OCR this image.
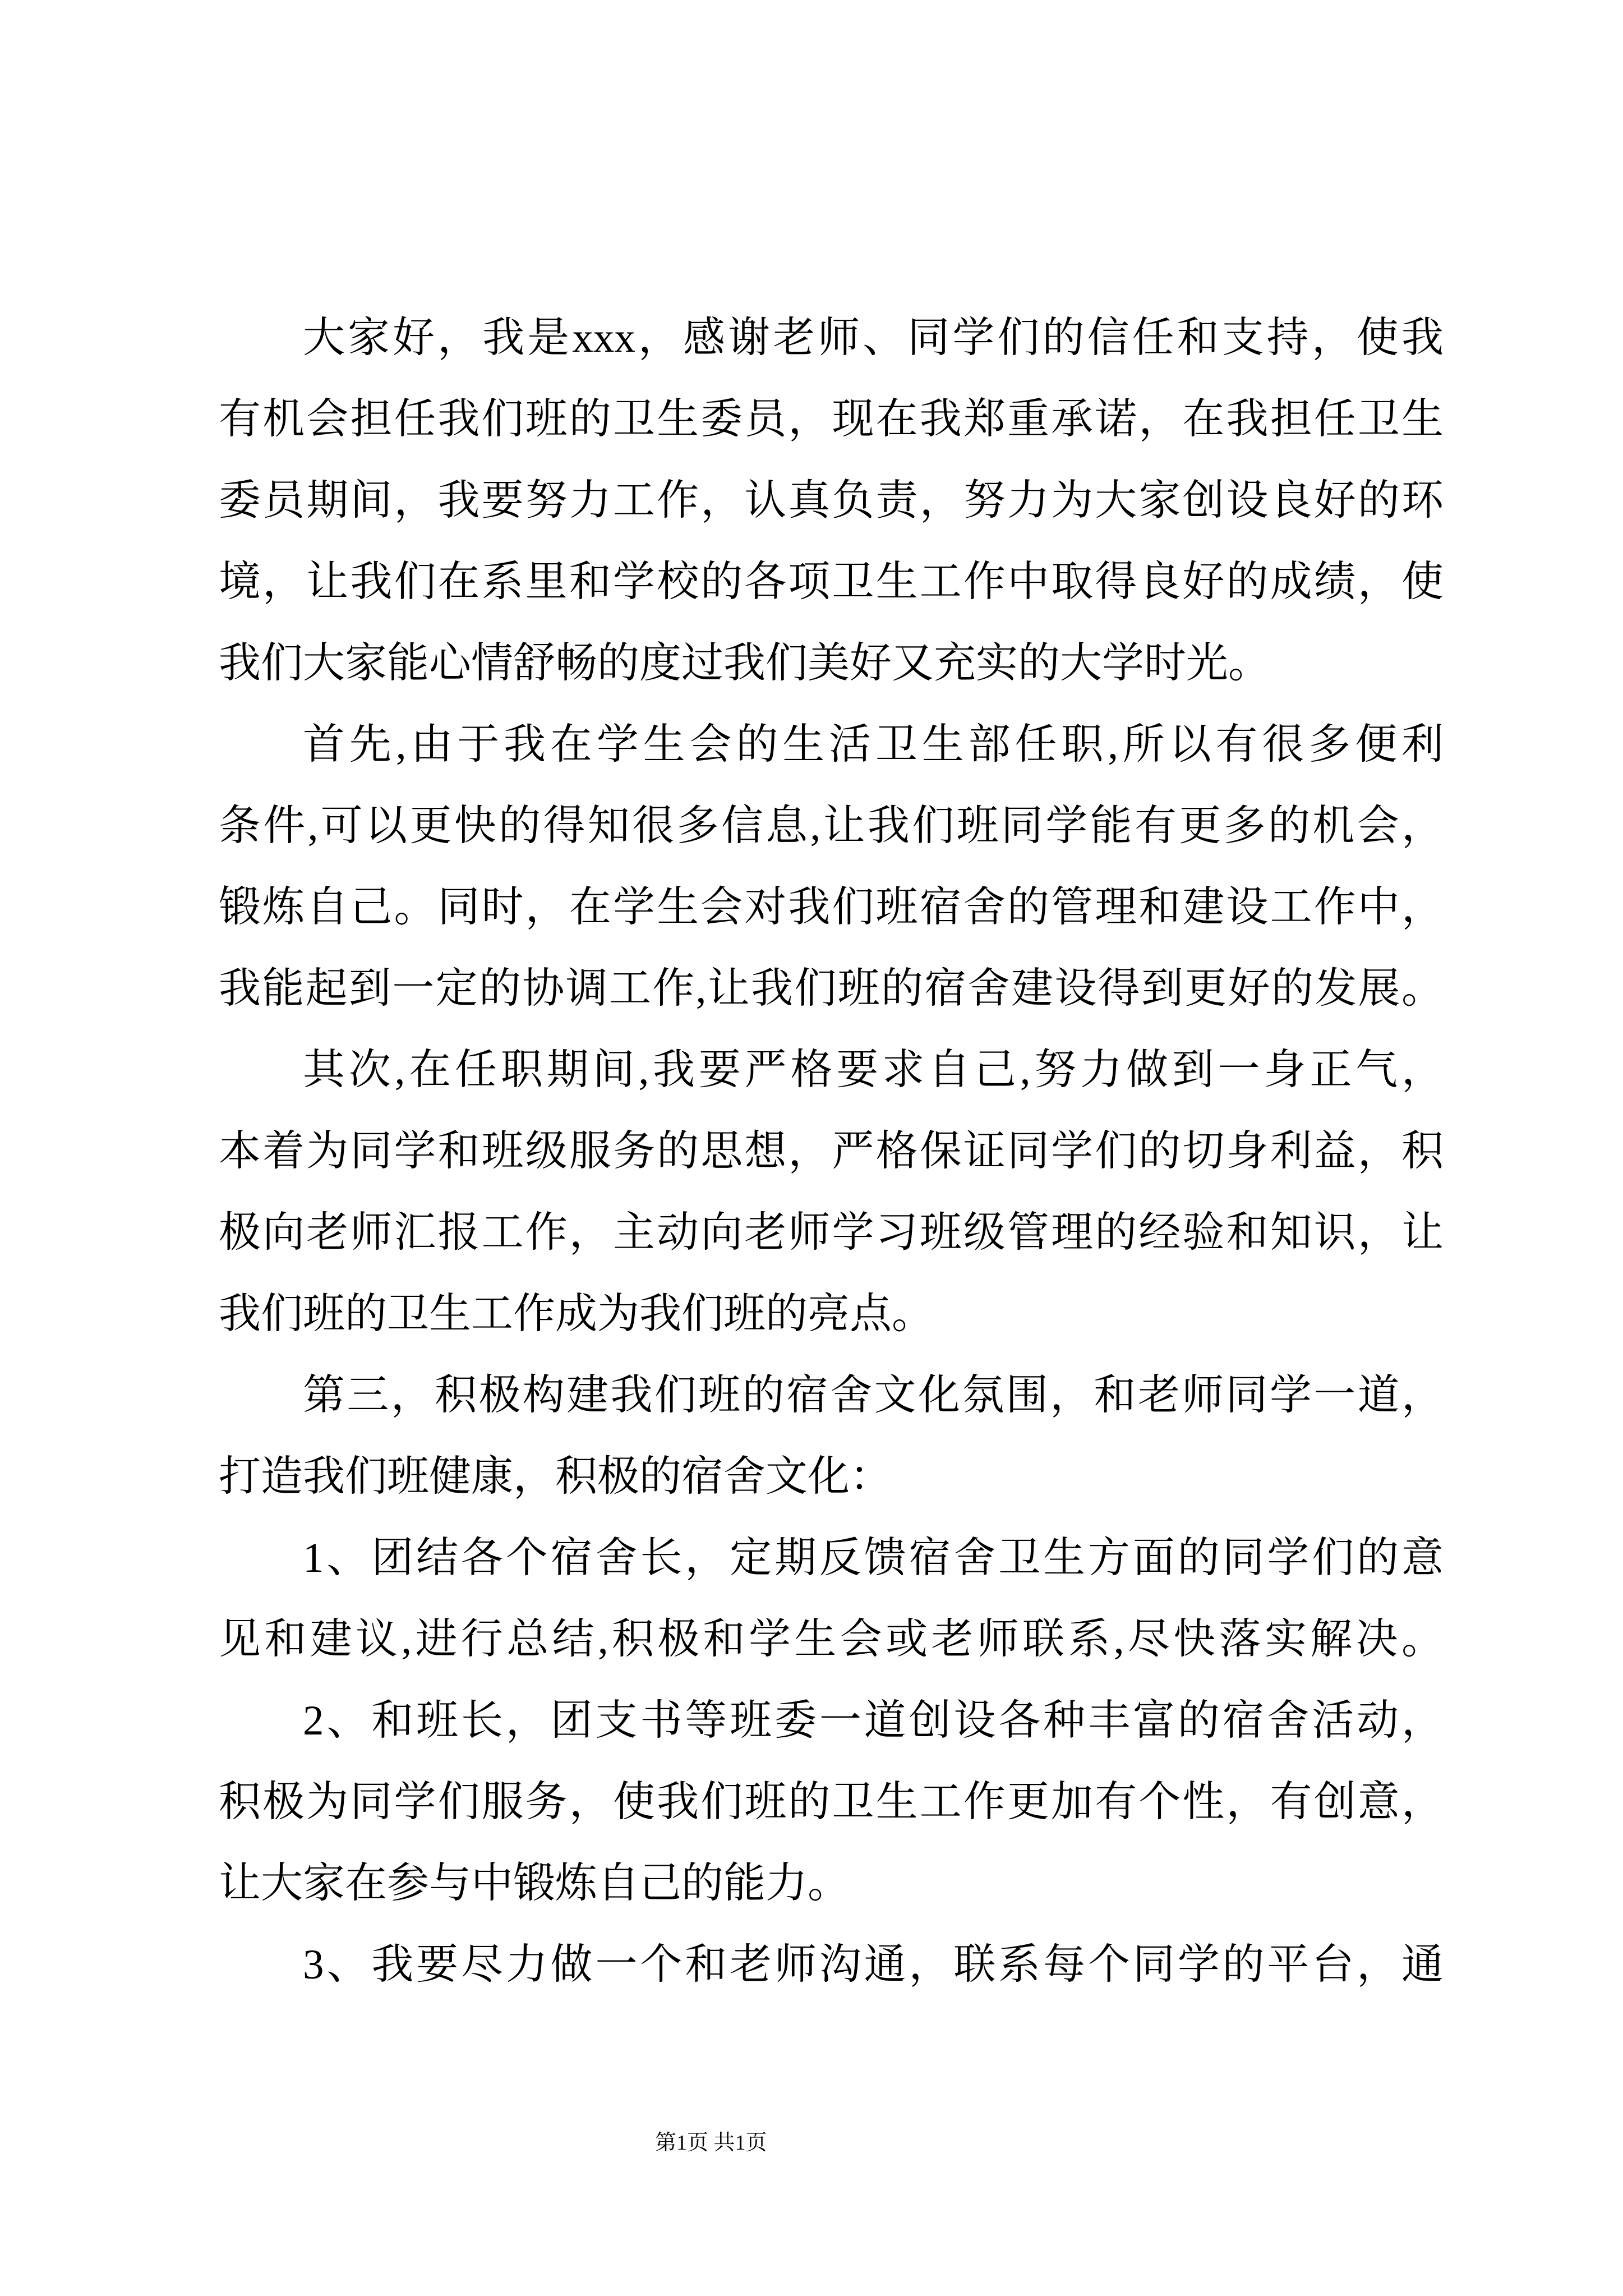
大家好，我是xxx，感谢老师、同学们的信任和支持，使我
有机会担任我们班的卫生委员，现在我郑重承诺，在我担任卫生
委员期间，我要努力工作，认真负责，努力为大家创设良好的环
境，让我们在系里和学校的各项卫生工作中取得良好的成绩，使
我们大家能心情舒畅的度过我们美好又充实的大学时光。
首先,由于我在学生会的生活卫生部任职,所以有很多便利
条件,可以更快的得知很多信息,让我们班同学能有更多的机会，
锻炼自己。同时，在学生会对我们班宿舍的管理和建设工作中，
我能起到一定的协调工作,让我们班的宿舍建设得到更好的发展。
其次,在任职期间,我要严格要求自己,努力做到一身正气，
本着为同学和班级服务的思想，严格保证同学们的切身利益，积
极向老师汇报工作，主动向老师学习班级管理的经验和知识，让
我们班的卫生工作成为我们班的亮点。
第三，积极构建我们班的宿舍文化氛围，和老师同学一道，
打造我们班健康，积极的宿舍文化：
1、团结各个宿舍长，定期反馈宿舍卫生方面的同学们的意
见和建议,进行总结,积极和学生会或老师联系,尽快落实解决。
2、和班长，团支书等班委一道创设各种丰富的宿舍活动，
积极为同学们服务，使我们班的卫生工作更加有个性，有创意，
让大家在参与中锻炼自己的能力。
3、我要尽力做一个和老师沟通，联系每个同学的平台，通
第1页 共1页
